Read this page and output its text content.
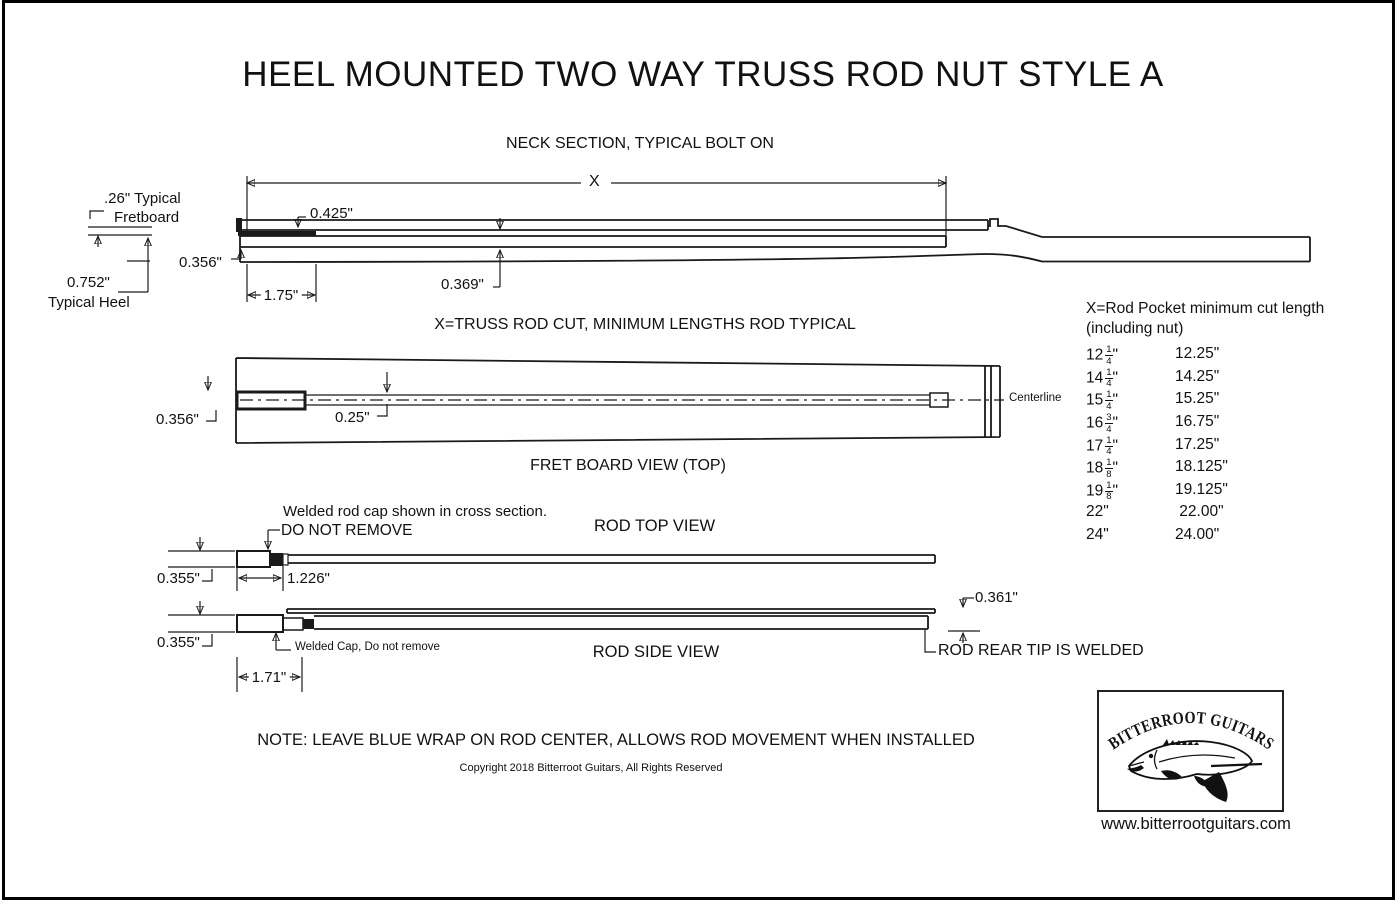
HEEL MOUNTED TWO WAY TRUSS ROD NUT STYLE A
NECK SECTION, TYPICAL BOLT ON
X
.26" Typical
Fretboard
0.752"
Typical Heel
0.356"
1.75"
0.425"
0.369"
X=TRUSS ROD CUT, MINIMUM LENGTHS ROD TYPICAL
0.356"	0.25"
Centerline
FRET BOARD VIEW (TOP)
Welded rod cap shown in cross section.
DO NOT REMOVE	ROD TOP VIEW
0.355"	1.226"
0.355"	Welded Cap, Do not remove
1.71"
ROD SIDE VIEW
0.361"
ROD REAR TIP IS WELDED
X=Rod Pocket minimum cut length
(including nut)
$12 \frac{1}{4}$ "	12.25"
$14 \frac{1}{4}$ "	14.25"
$15 \frac{1}{4}$ "	15.25"
$16 \frac{3}{4}$ "	16.75"
$17 \frac{1}{4}$ "	17.25"
$18 \frac{1}{8}$ "	18.125"
$19 \frac{1}{8}$ "	19.125"
22"	22.00"
24"	24.00"
NOTE: LEAVE BLUE WRAP ON ROD CENTER, ALLOWS ROD MOVEMENT WHEN INSTALLED
Copyright 2018 Bitterroot Guitars, All Rights Reserved
BITTERROOT GUITARS
www.bitterrootguitars.com
